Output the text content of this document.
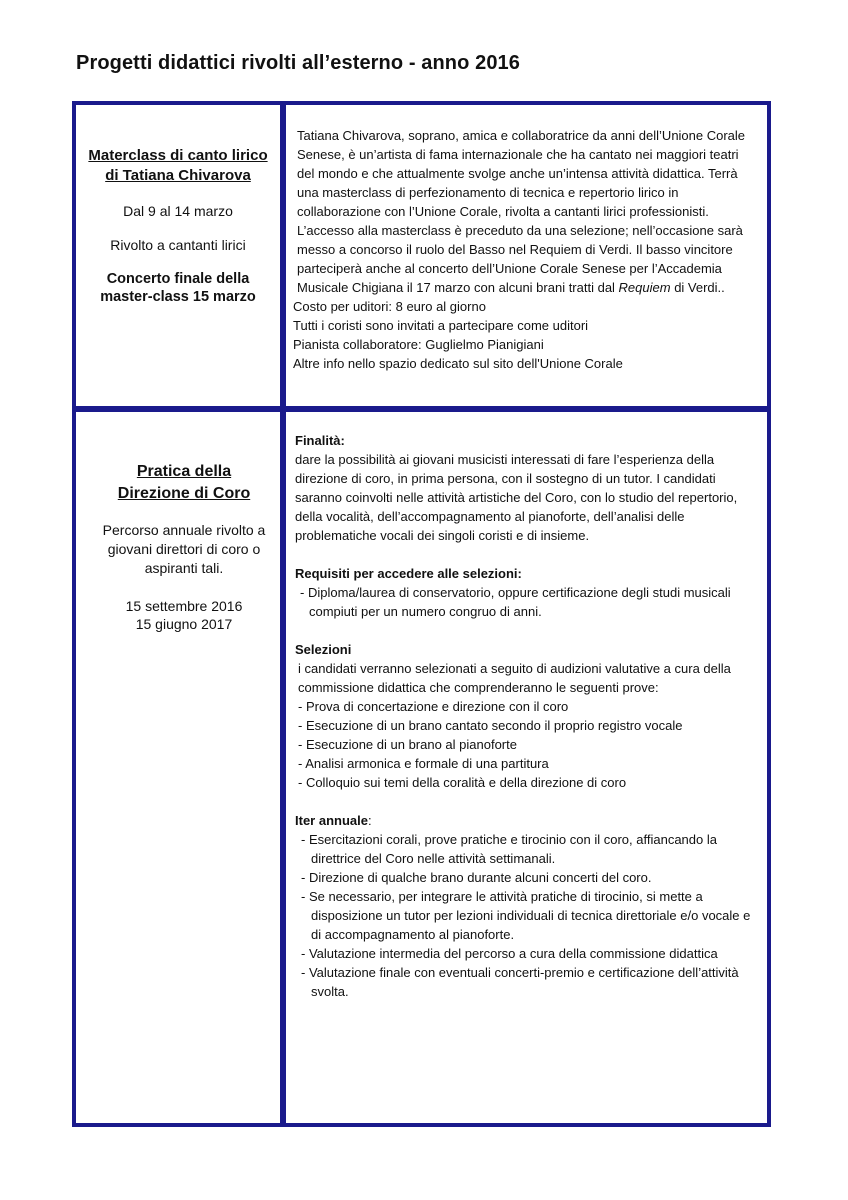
Progetti didattici rivolti all’esterno - anno 2016
Materclass di canto lirico
di Tatiana Chivarova
Dal 9 al 14 marzo
Rivolto a cantanti lirici
Concerto finale della
master-class 15 marzo

Tatiana Chivarova, soprano, amica e collaboratrice da anni dell’Unione Corale Senese, è un’artista di fama internazionale che ha cantato nei maggiori teatri del mondo e che attualmente svolge anche un’intensa attività didattica. Terrà una masterclass di perfezionamento di tecnica e repertorio lirico in collaborazione con l’Unione Corale, rivolta a cantanti lirici professionisti. L’accesso alla masterclass è preceduto da una selezione; nell’occasione sarà messo a concorso il ruolo del Basso nel Requiem di Verdi. Il basso vincitore parteciperà anche al concerto dell’Unione Corale Senese per l’Accademia Musicale Chigiana il 17 marzo con alcuni brani tratti dal Requiem di Verdi..

Costo per uditori: 8 euro al giorno
Tutti i coristi sono invitati a partecipare come uditori
Pianista collaboratore: Guglielmo Pianigiani
Altre info nello spazio dedicato sul sito dell'Unione Corale
Pratica della
Direzione di Coro
Percorso annuale rivolto a giovani direttori di coro o aspiranti tali.
15 settembre 2016
15 giugno 2017
Finalità:

dare la possibilità ai giovani musicisti interessati di fare l’esperienza della direzione di coro, in prima persona, con il sostegno di un tutor. I candidati saranno coinvolti nelle attività artistiche del Coro, con lo studio del repertorio, della vocalità, dell’accompagnamento al pianoforte, dell’analisi delle problematiche vocali dei singoli coristi e di insieme.

Requisiti per accedere alle selezioni:
- Diploma/laurea di conservatorio, oppure certificazione degli studi musicali compiuti per un numero congruo di anni.
Selezioni

i candidati verranno selezionati a seguito di audizioni valutative a cura della commissione didattica che comprenderanno le seguenti prove:

- Prova di concertazione e direzione con il coro
- Esecuzione di un brano cantato secondo il proprio registro vocale
- Esecuzione di un brano al pianoforte
- Analisi armonica e formale di una partitura
- Colloquio sui temi della coralità e della direzione di coro
Iter annuale:
- Esercitazioni corali, prove pratiche e tirocinio con il coro, affiancando la direttrice del Coro nelle attività settimanali.
- Direzione di qualche brano durante alcuni concerti del coro.
- Se necessario, per integrare le attività pratiche di tirocinio, si mette a disposizione un tutor per lezioni individuali di tecnica direttoriale e/o vocale e di accompagnamento al pianoforte.
- Valutazione intermedia del percorso a cura della commissione didattica
- Valutazione finale con eventuali concerti-premio e certificazione dell’attività svolta.
